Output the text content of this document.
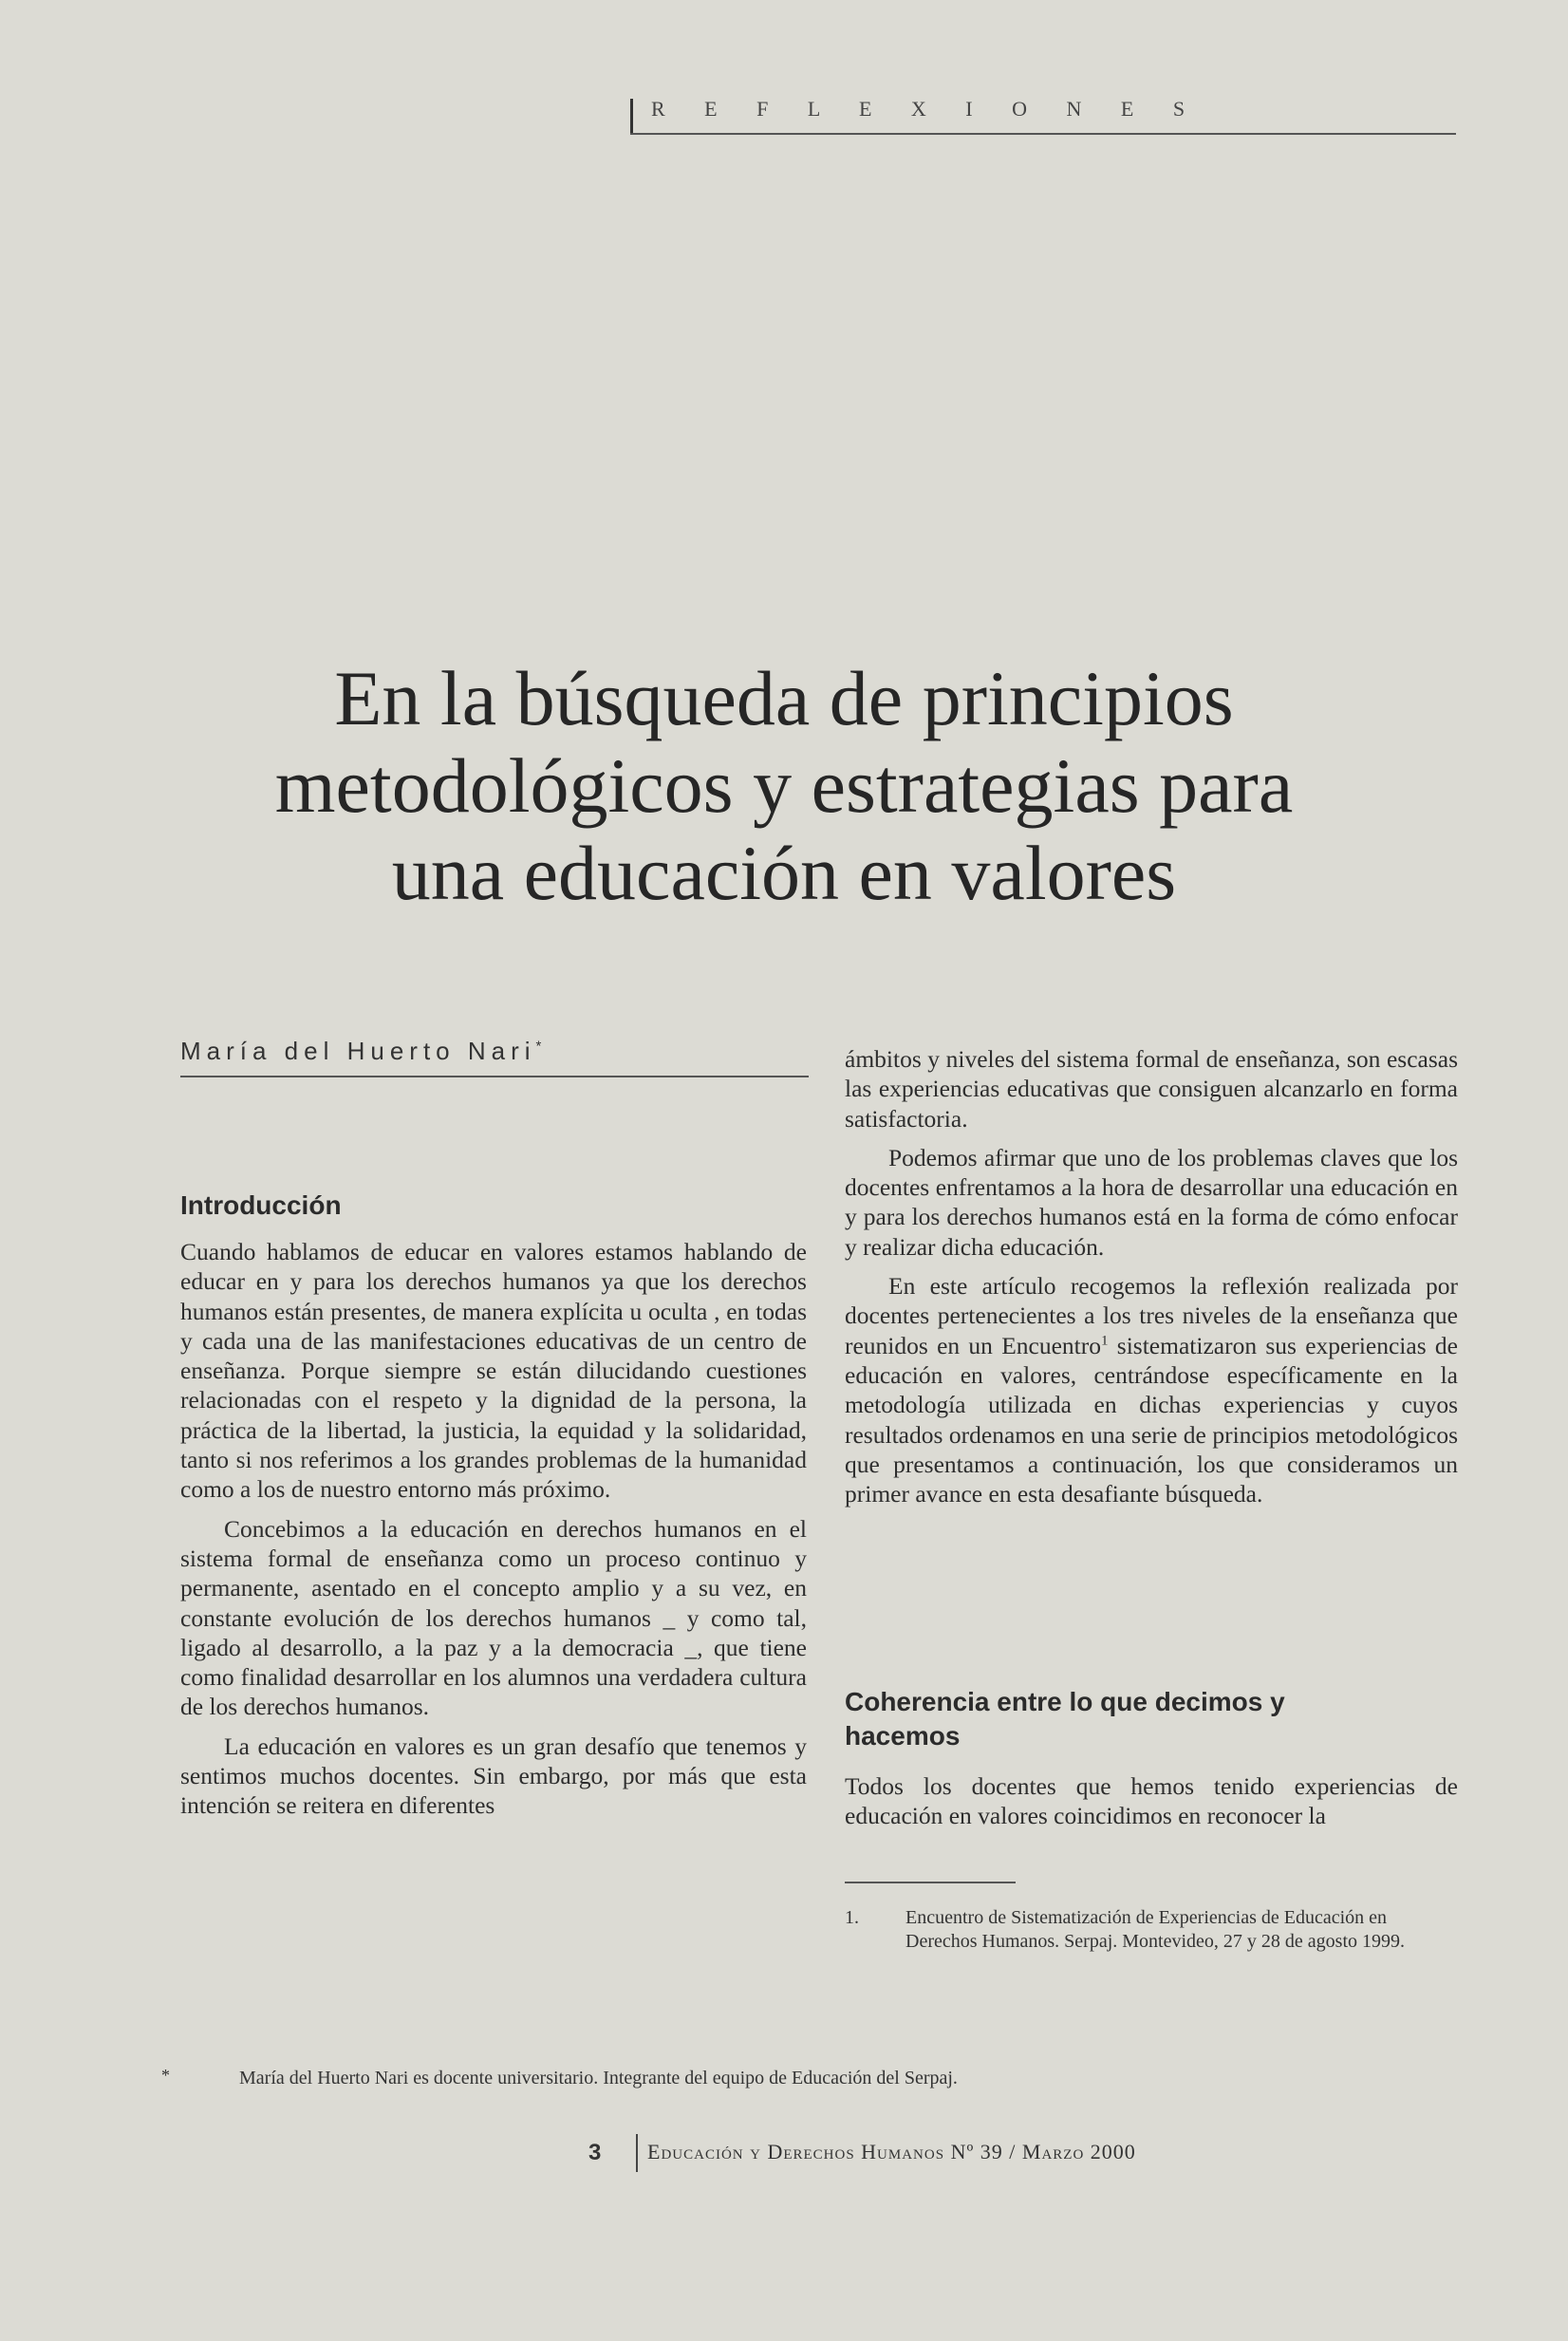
R E F L E X I O N E S
En la búsqueda de principios
metodológicos y estrategias para
una educación en valores
María del Huerto Nari*
Introducción

Cuando hablamos de educar en valores estamos hablando de educar en y para los derechos humanos ya que los derechos humanos están presentes, de manera explícita u oculta , en todas y cada una de las manifestaciones educativas de un centro de enseñanza. Porque siempre se están dilucidando cuestiones relacionadas con el respeto y la dignidad de la persona, la práctica de la libertad, la justicia, la equidad y la solidaridad, tanto si nos referimos a los grandes problemas de la humanidad como a los de nuestro entorno más próximo.

Concebimos a la educación en derechos humanos en el sistema formal de enseñanza como un proceso continuo y permanente, asentado en el concepto amplio y a su vez, en constante evolución de los derechos humanos _ y como tal, ligado al desarrollo, a la paz y a la democracia _, que tiene como finalidad desarrollar en los alumnos una verdadera cultura de los derechos humanos.

La educación en valores es un gran desafío que tenemos y sentimos muchos docentes. Sin embargo, por más que esta intención se reitera en diferentes

ámbitos y niveles del sistema formal de enseñanza, son escasas las experiencias educativas que consiguen alcanzarlo en forma satisfactoria.

Podemos afirmar que uno de los problemas claves que los docentes enfrentamos a la hora de desarrollar una educación en y para los derechos humanos está en la forma de cómo enfocar y realizar dicha educación.

En este artículo recogemos la reflexión realizada por docentes pertenecientes a los tres niveles de la enseñanza que reunidos en un Encuentro$^1$ sistematizaron sus experiencias de educación en valores, centrándose específicamente en la metodología utilizada en dichas experiencias y cuyos resultados ordenamos en una serie de principios metodológicos que presentamos a continuación, los que consideramos un primer avance en esta desafiante búsqueda.

Coherencia entre lo que decimos y hacemos
Todos los docentes que hemos tenido experiencias de educación en valores coincidimos en reconocer la
1. Encuentro de Sistematización de Experiencias de Educación en Derechos Humanos. Serpaj. Montevideo, 27 y 28 de agosto 1999.
*	María del Huerto Nari es docente universitario. Integrante del equipo de Educación del Serpaj.
3 Educación y Derechos Humanos Nº 39 / Marzo 2000
